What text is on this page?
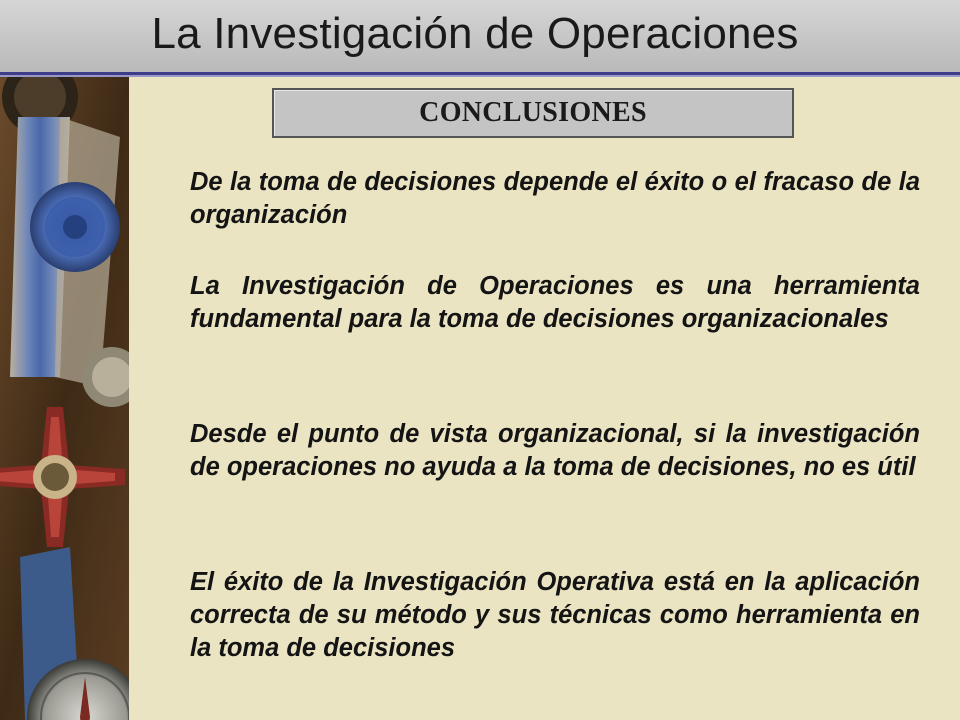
La Investigación de Operaciones
CONCLUSIONES

De la toma de decisiones depende el éxito o el fracaso de la organización

La Investigación de Operaciones es una herramienta fundamental para la toma de decisiones organizacionales

Desde el punto de vista organizacional, si la investigación de operaciones no ayuda a la toma de decisiones, no es útil

El éxito de la Investigación Operativa está en la aplicación correcta de su método y sus técnicas como herramienta en la toma de decisiones
